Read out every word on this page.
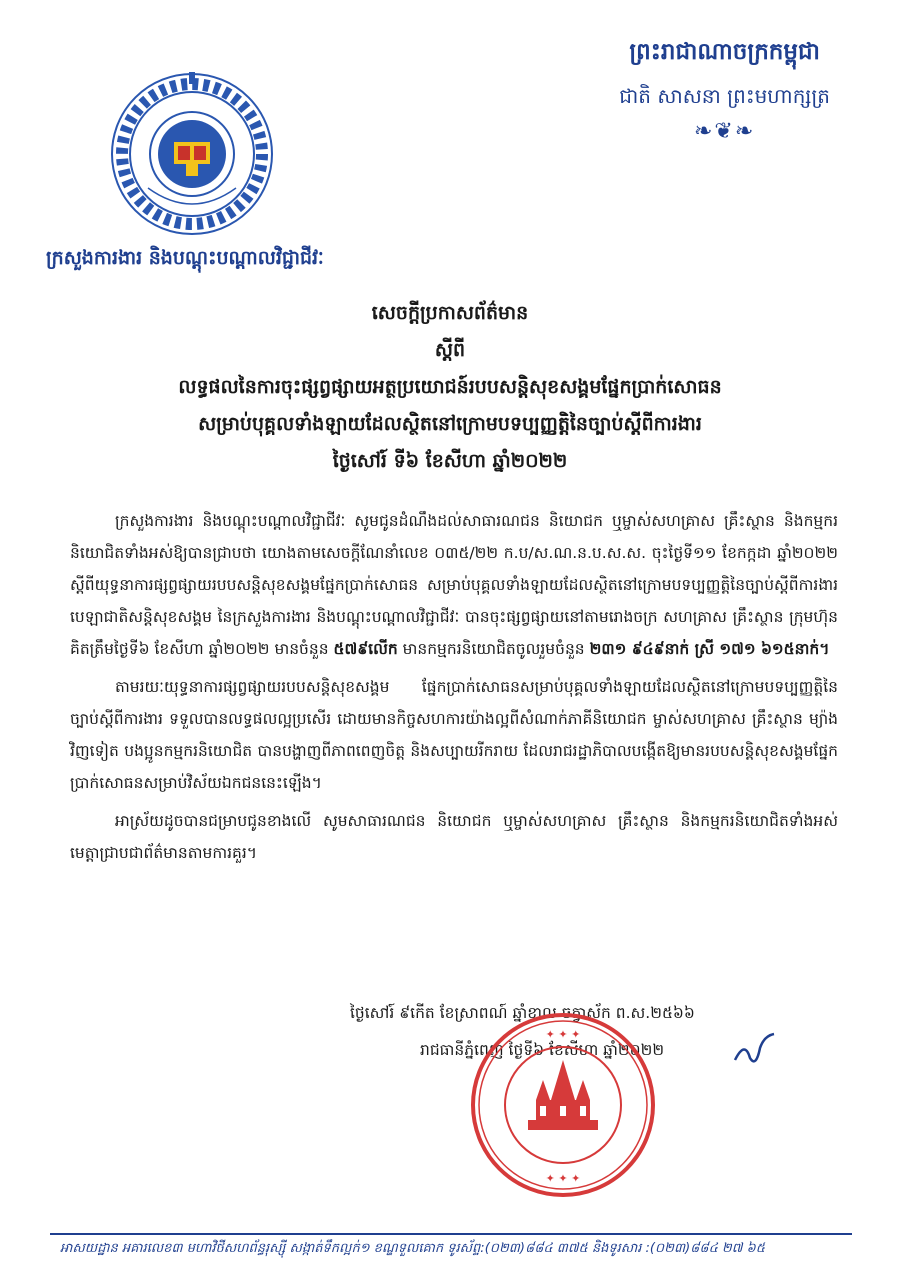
ព្រះរាជាណាចក្រកម្ពុជា
ជាតិ សាសនា ព្រះមហាក្សត្រ
❧❦❧
ក្រសួងការងារ និងបណ្តុះបណ្តាលវិជ្ជាជីវៈ
សេចក្តីប្រកាសព័ត៌មាន
ស្តីពី
លទ្ធផលនៃការចុះផ្សព្វផ្សាយអត្ថប្រយោជន៍របបសន្តិសុខសង្គមផ្នែកប្រាក់សោធន
សម្រាប់បុគ្គលទាំងឡាយដែលស្ថិតនៅក្រោមបទប្បញ្ញត្តិនៃច្បាប់ស្តីពីការងារ
ថ្ងៃសៅរ៍ ទី៦ ខែសីហា ឆ្នាំ២០២២

ក្រសួងការងារ និងបណ្តុះបណ្តាលវិជ្ជាជីវៈ សូមជូនដំណឹងដល់សាធារណជន និយោជក ឬម្ចាស់សហគ្រាស គ្រឹះស្ថាន និងកម្មករនិយោជិតទាំងអស់ឱ្យបានជ្រាបថា យោងតាមសេចក្តីណែនាំលេខ ០៣៥/២២ ក.ប/ស.ណ.ន.ប.ស.ស. ចុះថ្ងៃទី១១ ខែកក្កដា ឆ្នាំ២០២២ ស្តីពីយុទ្ធនាការផ្សព្វផ្សាយរបបសន្តិសុខសង្គមផ្នែកប្រាក់សោធន សម្រាប់បុគ្គលទាំងឡាយដែលស្ថិតនៅក្រោមបទប្បញ្ញត្តិនៃច្បាប់ស្តីពីការងារ បេឡាជាតិសន្តិសុខសង្គម នៃក្រសួងការងារ និងបណ្តុះបណ្តាលវិជ្ជាជីវៈ បានចុះផ្សព្វផ្សាយនៅតាមរោងចក្រ សហគ្រាស គ្រឹះស្ថាន ក្រុមហ៊ុន គិតត្រឹមថ្ងៃទី៦ ខែសីហា ឆ្នាំ២០២២ មានចំនួន ៥៧៩លើក មានកម្មករនិយោជិតចូលរួមចំនួន ២៣១ ៩៤៩នាក់ ស្រី ១៧១ ៦១៥នាក់។

តាមរយៈយុទ្ធនាការផ្សព្វផ្សាយរបបសន្តិសុខសង្គម ផ្នែកប្រាក់សោធនសម្រាប់បុគ្គលទាំងឡាយដែលស្ថិតនៅក្រោមបទប្បញ្ញត្តិនៃច្បាប់ស្តីពីការងារ ទទួលបានលទ្ធផលល្អប្រសើរ ដោយមានកិច្ចសហការយ៉ាងល្អពីសំណាក់ភាគីនិយោជក ម្ចាស់សហគ្រាស គ្រឹះស្ថាន ម្យ៉ាងវិញទៀត បងប្អូនកម្មករនិយោជិត បានបង្ហាញពីភាពពេញចិត្ត និងសប្បាយរីករាយ ដែលរាជរដ្ឋាភិបាលបង្កើតឱ្យមានរបបសន្តិសុខសង្គមផ្នែកប្រាក់សោធនសម្រាប់វិស័យឯកជននេះឡើង។

អាស្រ័យដូចបានជម្រាបជូនខាងលើ សូមសាធារណជន និយោជក ឬម្ចាស់សហគ្រាស គ្រឹះស្ថាន និងកម្មករនិយោជិតទាំងអស់ មេត្តាជ្រាបជាព័ត៌មានតាមការគួរ។

ថ្ងៃសៅរ៍ ៩កើត ខែស្រាពណ៍ ឆ្នាំខាល ចត្វាស័ក ព.ស.២៥៦៦
រាជធានីភ្នំពេញ ថ្ងៃទី៦ ខែសីហា ឆ្នាំ២០២២
✦ ✦ ✦
✦ ✦ ✦
អាសយដ្ឋាន អគារលេខ៣ មហាវិថីសហព័ន្ធរុស្ស៊ី សង្កាត់ទឹកល្អក់១ ខណ្ឌទួលគោក ទូរស័ព្ទ:(០២៣)៨៨៤ ៣៧៥ និងទូរសារ :(០២៣)៨៨៤ ២៧ ៦៥
